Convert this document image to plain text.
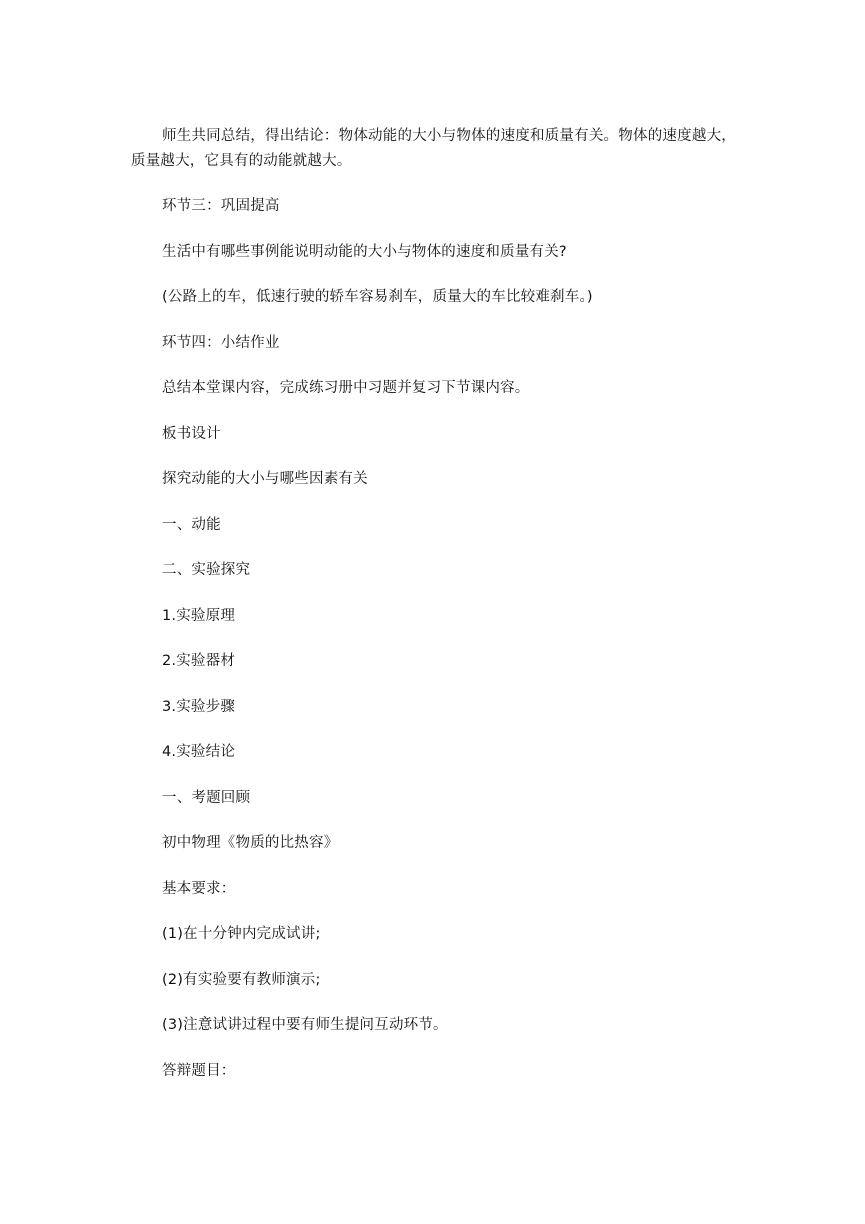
师生共同总结，得出结论：物体动能的大小与物体的速度和质量有关。物体的速度越大，质量越大，它具有的动能就越大。

环节三：巩固提高

生活中有哪些事例能说明动能的大小与物体的速度和质量有关?

(公路上的车，低速行驶的轿车容易刹车，质量大的车比较难刹车。)

环节四：小结作业

总结本堂课内容，完成练习册中习题并复习下节课内容。

板书设计

探究动能的大小与哪些因素有关

一、动能

二、实验探究

1.实验原理

2.实验器材

3.实验步骤

4.实验结论

一、考题回顾

初中物理《物质的比热容》

基本要求：

(1)在十分钟内完成试讲;

(2)有实验要有教师演示;

(3)注意试讲过程中要有师生提问互动环节。

答辩题目：
